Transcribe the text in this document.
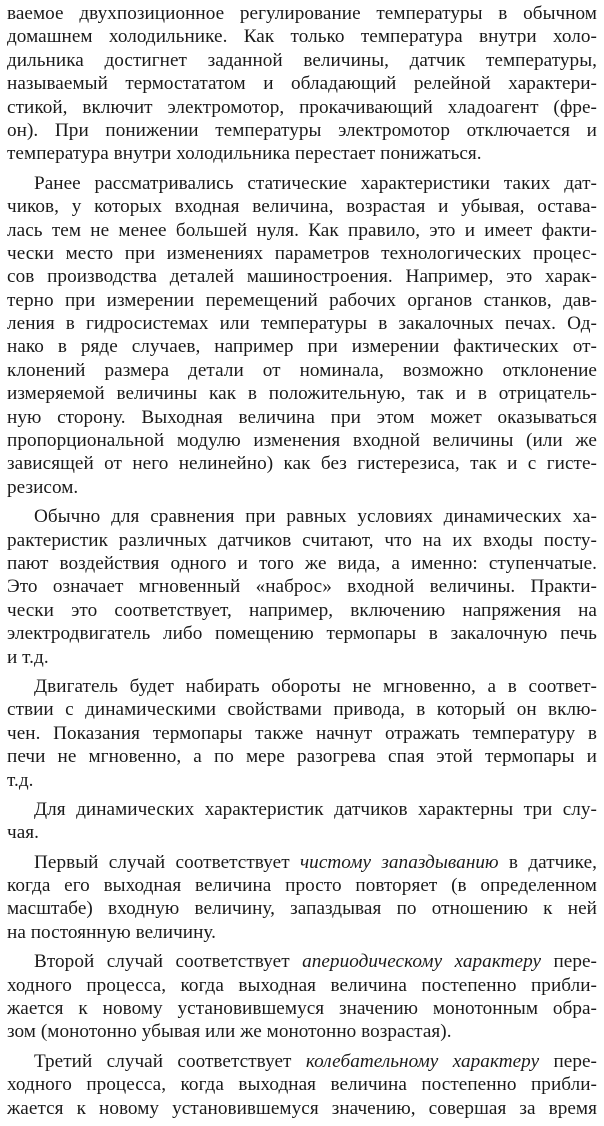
ваемое двухпозиционное регулирование температуры в обычном
домашнем холодильнике. Как только температура внутри холо-
дильника достигнет заданной величины, датчик температуры,
называемый термостататом и обладающий релейной характери-
стикой, включит электромотор, прокачивающий хладоагент (фре-
он). При понижении температуры электромотор отключается и
температура внутри холодильника перестает понижаться.

Ранее рассматривались статические характеристики таких дат-
чиков, у которых входная величина, возрастая и убывая, остава-
лась тем не менее большей нуля. Как правило, это и имеет факти-
чески место при изменениях параметров технологических процес-
сов производства деталей машиностроения. Например, это харак-
терно при измерении перемещений рабочих органов станков, дав-
ления в гидросистемах или температуры в закалочных печах. Од-
нако в ряде случаев, например при измерении фактических от-
клонений размера детали от номинала, возможно отклонение
измеряемой величины как в положительную, так и в отрицатель-
ную сторону. Выходная величина при этом может оказываться
пропорциональной модулю изменения входной величины (или же
зависящей от него нелинейно) как без гистерезиса, так и с гисте-
резисом.

Обычно для сравнения при равных условиях динамических ха-
рактеристик различных датчиков считают, что на их входы посту-
пают воздействия одного и того же вида, а именно: ступенчатые.
Это означает мгновенный «наброс» входной величины. Практи-
чески это соответствует, например, включению напряжения на
электродвигатель либо помещению термопары в закалочную печь
и т.д.

Двигатель будет набирать обороты не мгновенно, а в соответ-
ствии с динамическими свойствами привода, в который он вклю-
чен. Показания термопары также начнут отражать температуру в
печи не мгновенно, а по мере разогрева спая этой термопары и
т.д.

Для динамических характеристик датчиков характерны три слу-
чая.

Первый случай соответствует чистому запаздыванию в датчике,
когда его выходная величина просто повторяет (в определенном
масштабе) входную величину, запаздывая по отношению к ней
на постоянную величину.

Второй случай соответствует апериодическому характеру пере-
ходного процесса, когда выходная величина постепенно прибли-
жается к новому установившемуся значению монотонным обра-
зом (монотонно убывая или же монотонно возрастая).

Третий случай соответствует колебательному характеру пере-
ходного процесса, когда выходная величина постепенно прибли-
жается к новому установившемуся значению, совершая за время
